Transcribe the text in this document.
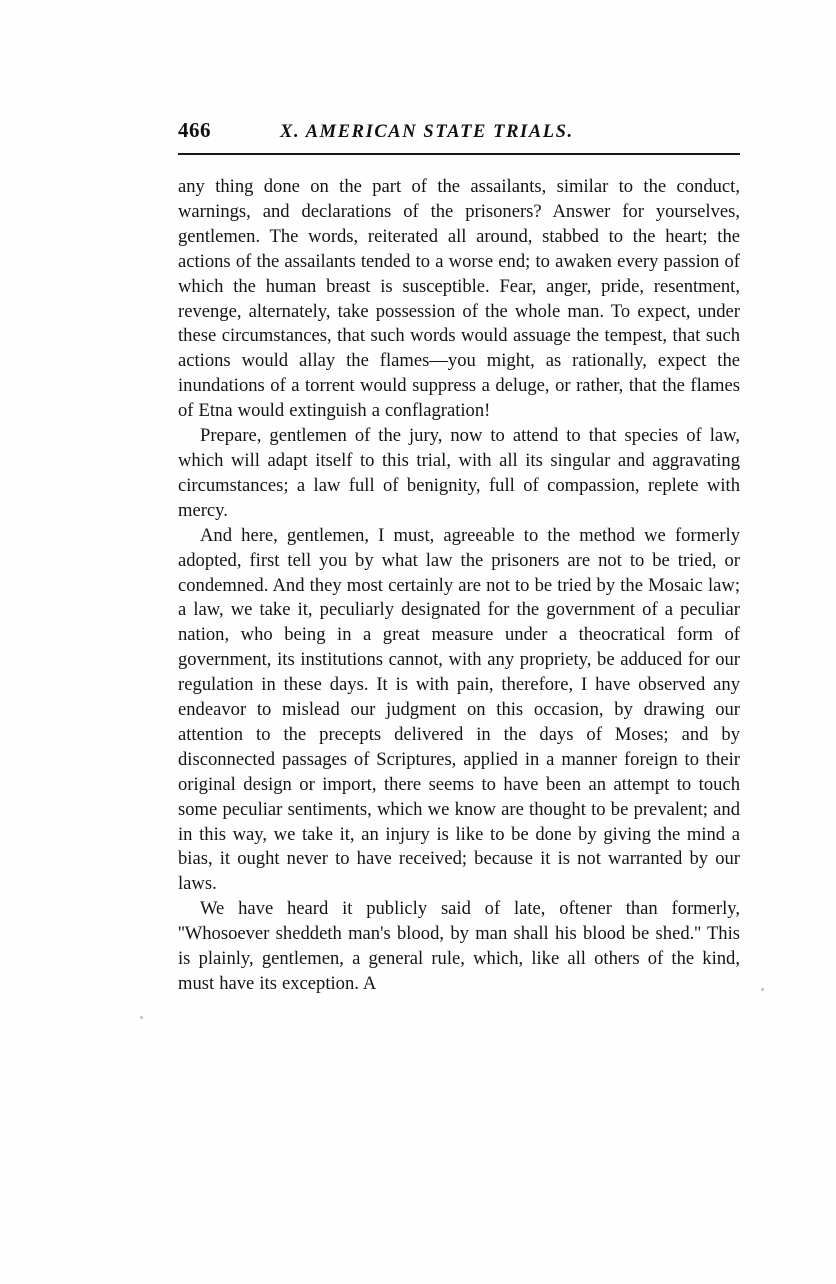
466	X. AMERICAN STATE TRIALS.

any thing done on the part of the assailants, similar to the conduct, warnings, and declarations of the prisoners? Answer for yourselves, gentlemen. The words, reiterated all around, stabbed to the heart; the actions of the assailants tended to a worse end; to awaken every passion of which the human breast is susceptible. Fear, anger, pride, resentment, revenge, alternately, take possession of the whole man. To expect, under these circumstances, that such words would assuage the tempest, that such actions would allay the flames—you might, as rationally, expect the inundations of a torrent would suppress a deluge, or rather, that the flames of Etna would extinguish a conflagration!

Prepare, gentlemen of the jury, now to attend to that species of law, which will adapt itself to this trial, with all its singular and aggravating circumstances; a law full of benignity, full of compassion, replete with mercy.

And here, gentlemen, I must, agreeable to the method we formerly adopted, first tell you by what law the prisoners are not to be tried, or condemned. And they most certainly are not to be tried by the Mosaic law; a law, we take it, peculiarly designated for the government of a peculiar nation, who being in a great measure under a theocratical form of government, its institutions cannot, with any propriety, be adduced for our regulation in these days. It is with pain, therefore, I have observed any endeavor to mislead our judgment on this occasion, by drawing our attention to the precepts delivered in the days of Moses; and by disconnected passages of Scriptures, applied in a manner foreign to their original design or import, there seems to have been an attempt to touch some peculiar sentiments, which we know are thought to be prevalent; and in this way, we take it, an injury is like to be done by giving the mind a bias, it ought never to have received; because it is not warranted by our laws.

We have heard it publicly said of late, oftener than formerly, ''Whosoever sheddeth man's blood, by man shall his blood be shed.'' This is plainly, gentlemen, a general rule, which, like all others of the kind, must have its exception. A
